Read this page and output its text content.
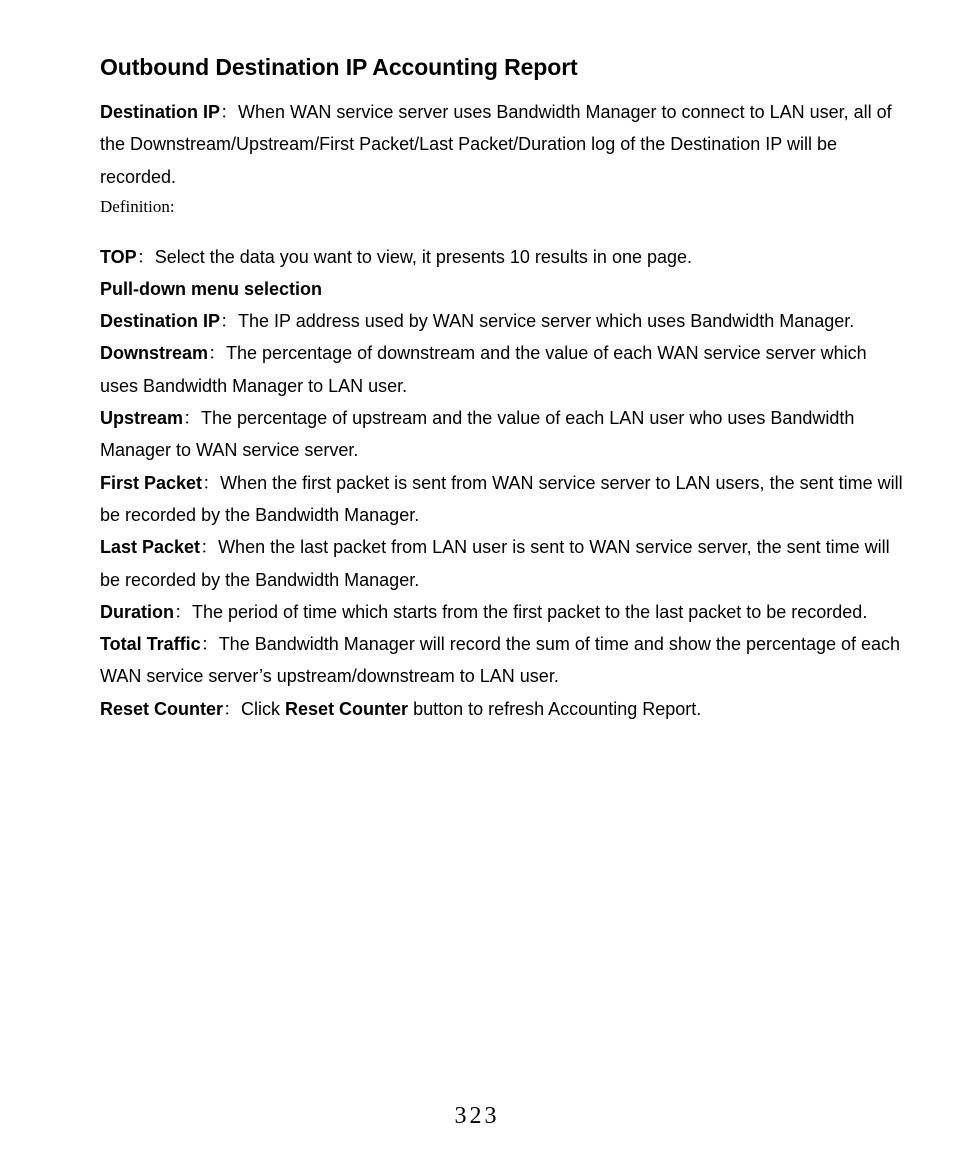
Outbound Destination IP Accounting Report

Destination IP：When WAN service server uses Bandwidth Manager to connect to LAN user, all of the Downstream/Upstream/First Packet/Last Packet/Duration log of the Destination IP will be recorded.

Definition:

TOP：Select the data you want to view, it presents 10 results in one page.

Pull-down menu selection

Destination IP：The IP address used by WAN service server which uses Bandwidth Manager.

Downstream：The percentage of downstream and the value of each WAN service server which uses Bandwidth Manager to LAN user.

Upstream：The percentage of upstream and the value of each LAN user who uses Bandwidth Manager to WAN service server.

First Packet：When the first packet is sent from WAN service server to LAN users, the sent time will be recorded by the Bandwidth Manager.

Last Packet：When the last packet from LAN user is sent to WAN service server, the sent time will be recorded by the Bandwidth Manager.

Duration：The period of time which starts from the first packet to the last packet to be recorded.

Total Traffic：The Bandwidth Manager will record the sum of time and show the percentage of each WAN service server’s upstream/downstream to LAN user.

Reset Counter：Click Reset Counter button to refresh Accounting Report.

323
